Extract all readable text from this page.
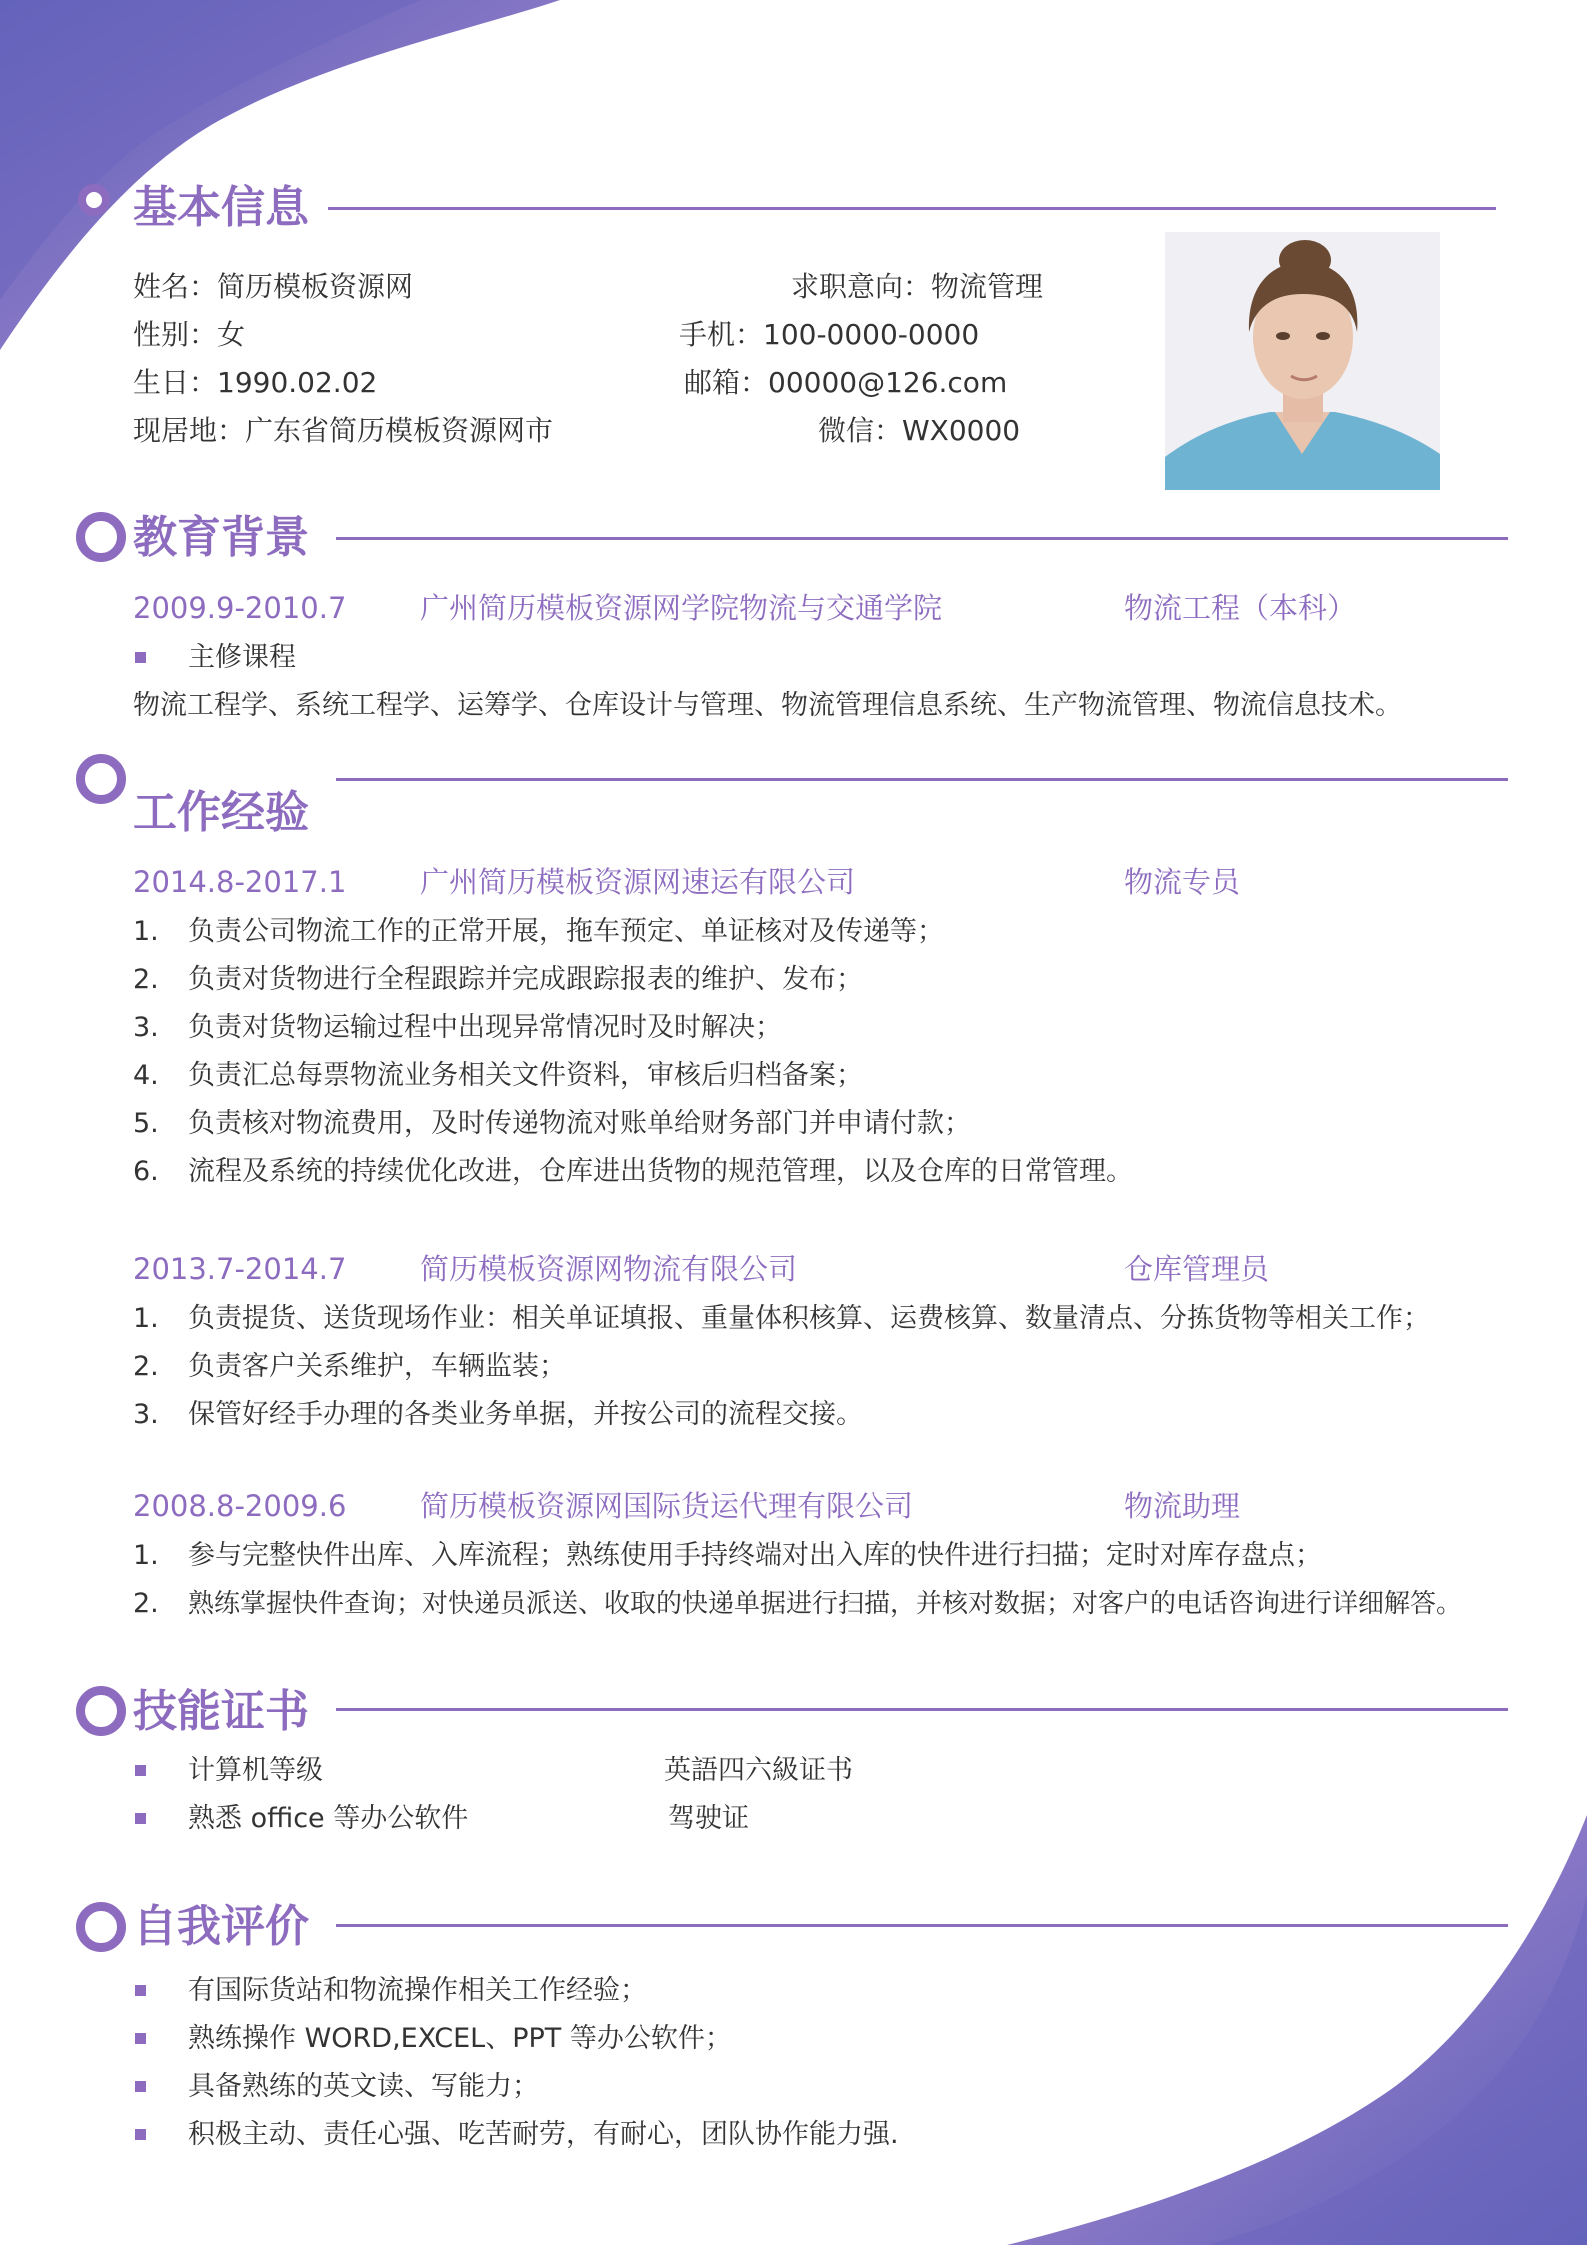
基本信息
姓名：简历模板资源网	求职意向：物流管理
性别：女	手机：100-0000-0000
生日：1990.02.02	邮箱：00000@126.com
现居地：广东省简历模板资源网市	微信：WX0000
教育背景
2009.9-2010.7	广州简历模板资源网学院物流与交通学院	物流工程（本科）
主修课程
物流工程学、系统工程学、运筹学、仓库设计与管理、物流管理信息系统、生产物流管理、物流信息技术。
工作经验
2014.8-2017.1	广州简历模板资源网速运有限公司	物流专员
1. 负责公司物流工作的正常开展，拖车预定、单证核对及传递等；
2. 负责对货物进行全程跟踪并完成跟踪报表的维护、发布；
3. 负责对货物运输过程中出现异常情况时及时解决；
4. 负责汇总每票物流业务相关文件资料，审核后归档备案；
5. 负责核对物流费用，及时传递物流对账单给财务部门并申请付款；
6. 流程及系统的持续优化改进，仓库进出货物的规范管理，以及仓库的日常管理。
2013.7-2014.7	简历模板资源网物流有限公司	仓库管理员
1. 负责提货、送货现场作业：相关单证填报、重量体积核算、运费核算、数量清点、分拣货物等相关工作；
2. 负责客户关系维护，车辆监装；
3. 保管好经手办理的各类业务单据，并按公司的流程交接。
2008.8-2009.6	简历模板资源网国际货运代理有限公司	物流助理
1. 参与完整快件出库、入库流程；熟练使用手持终端对出入库的快件进行扫描；定时对库存盘点；
2. 熟练掌握快件查询；对快递员派送、收取的快递单据进行扫描，并核对数据；对客户的电话咨询进行详细解答。
技能证书
计算机等级	英語四六級证书
熟悉 office 等办公软件	驾驶证
自我评价
有国际货站和物流操作相关工作经验；
熟练操作 WORD,EXCEL、PPT 等办公软件；
具备熟练的英文读、写能力；
积极主动、责任心强、吃苦耐劳，有耐心，团队协作能力强.
